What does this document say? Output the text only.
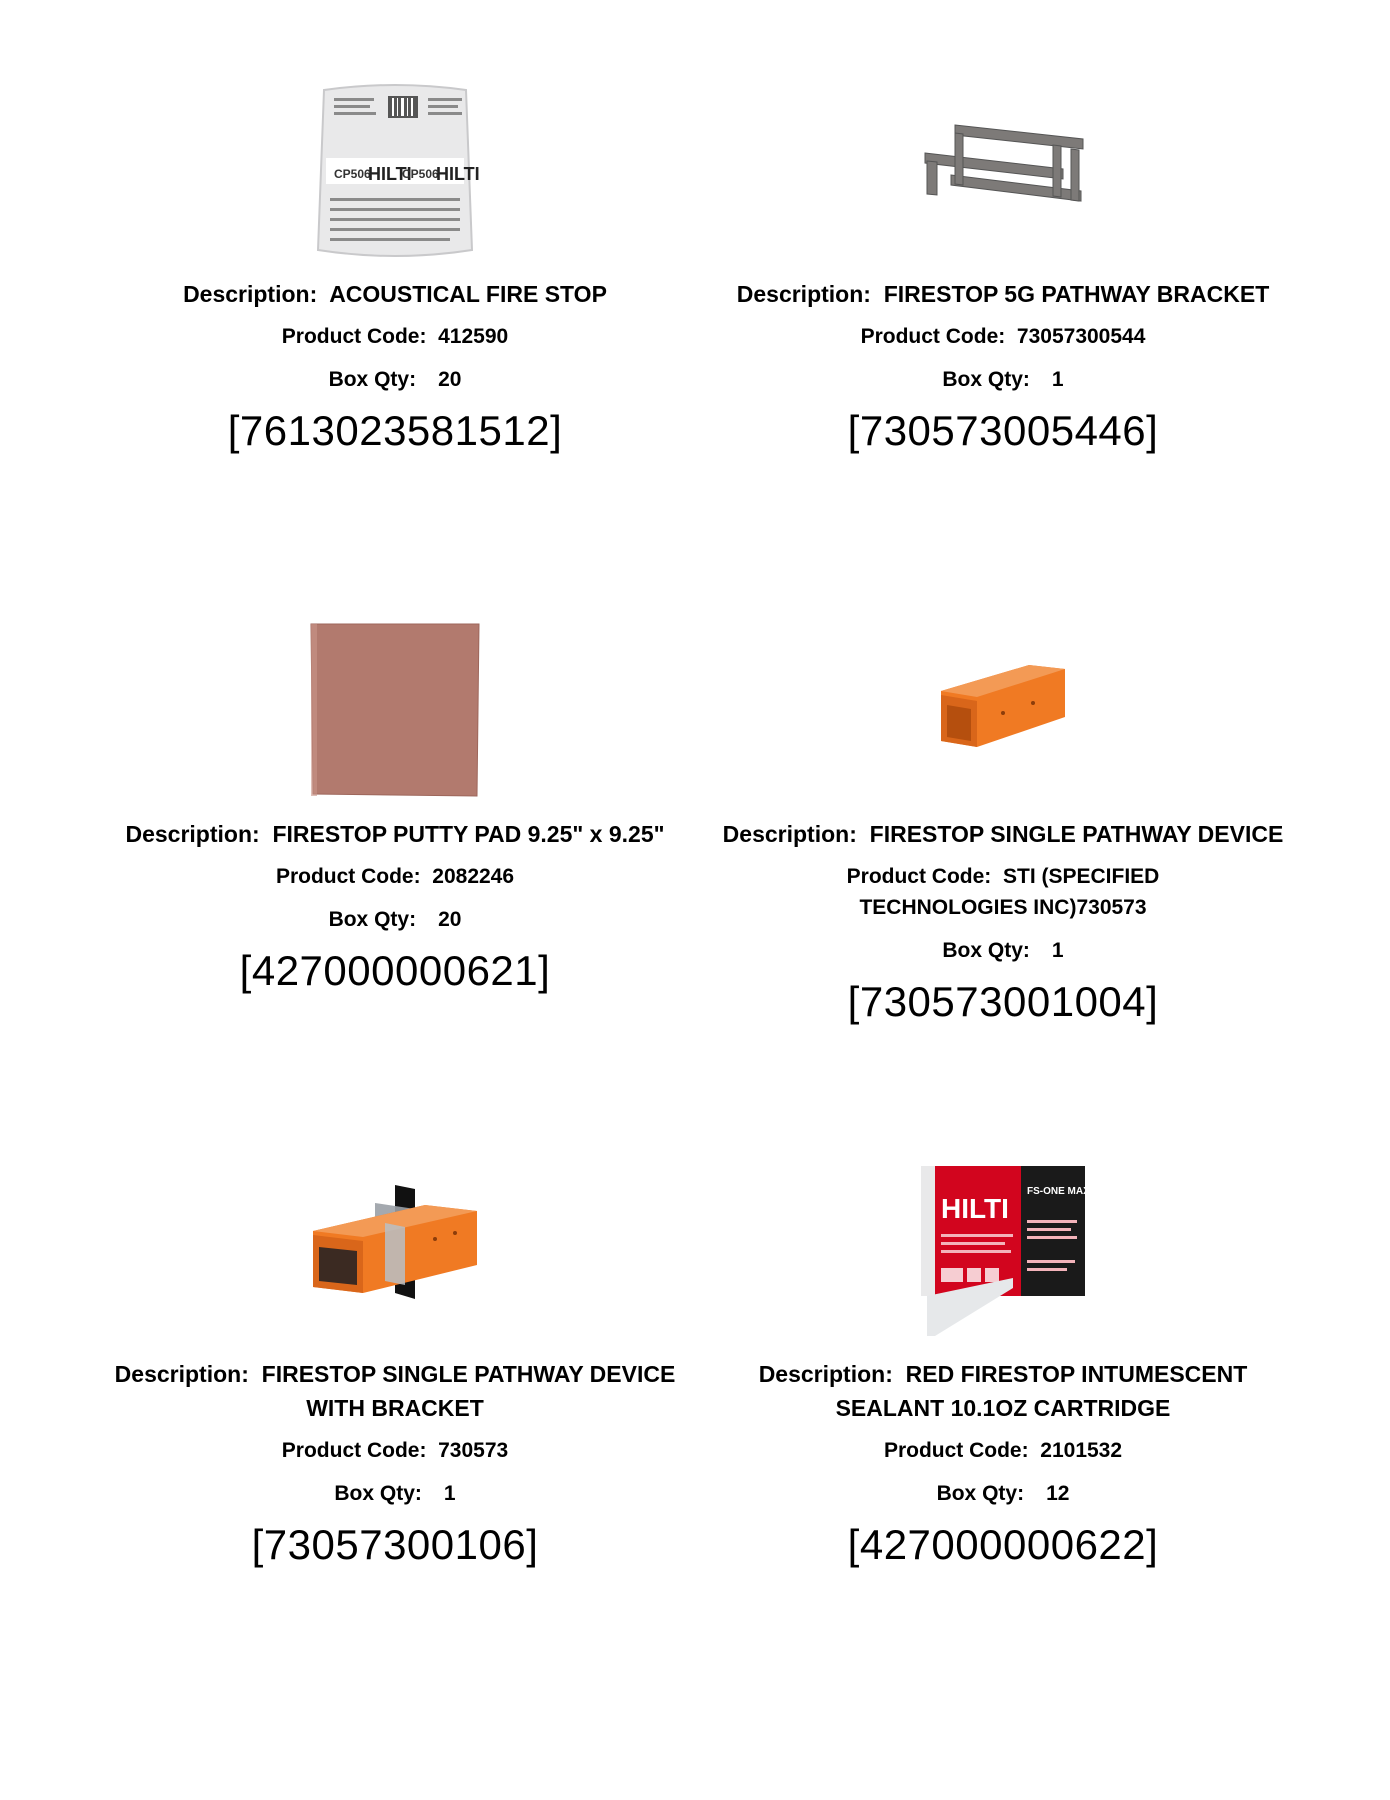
CP506
HILTI
CP506
HILTI
Description: ACOUSTICAL FIRE STOP
Product Code: 412590
Box Qty: 20
[7613023581512]
Description: FIRESTOP 5G PATHWAY BRACKET
Product Code: 73057300544
Box Qty: 1
[730573005446]
Description: FIRESTOP PUTTY PAD 9.25" x 9.25"
Product Code: 2082246
Box Qty: 20
[427000000621]
Description: FIRESTOP SINGLE PATHWAY DEVICE
Product Code: STI (SPECIFIED TECHNOLOGIES INC)730573
Box Qty: 1
[730573001004]
Description: FIRESTOP SINGLE PATHWAY DEVICE WITH BRACKET
Product Code: 730573
Box Qty: 1
[73057300106]
HILTI
FS-ONE MAX
Description: RED FIRESTOP INTUMESCENT SEALANT 10.1OZ CARTRIDGE
Product Code: 2101532
Box Qty: 12
[427000000622]
